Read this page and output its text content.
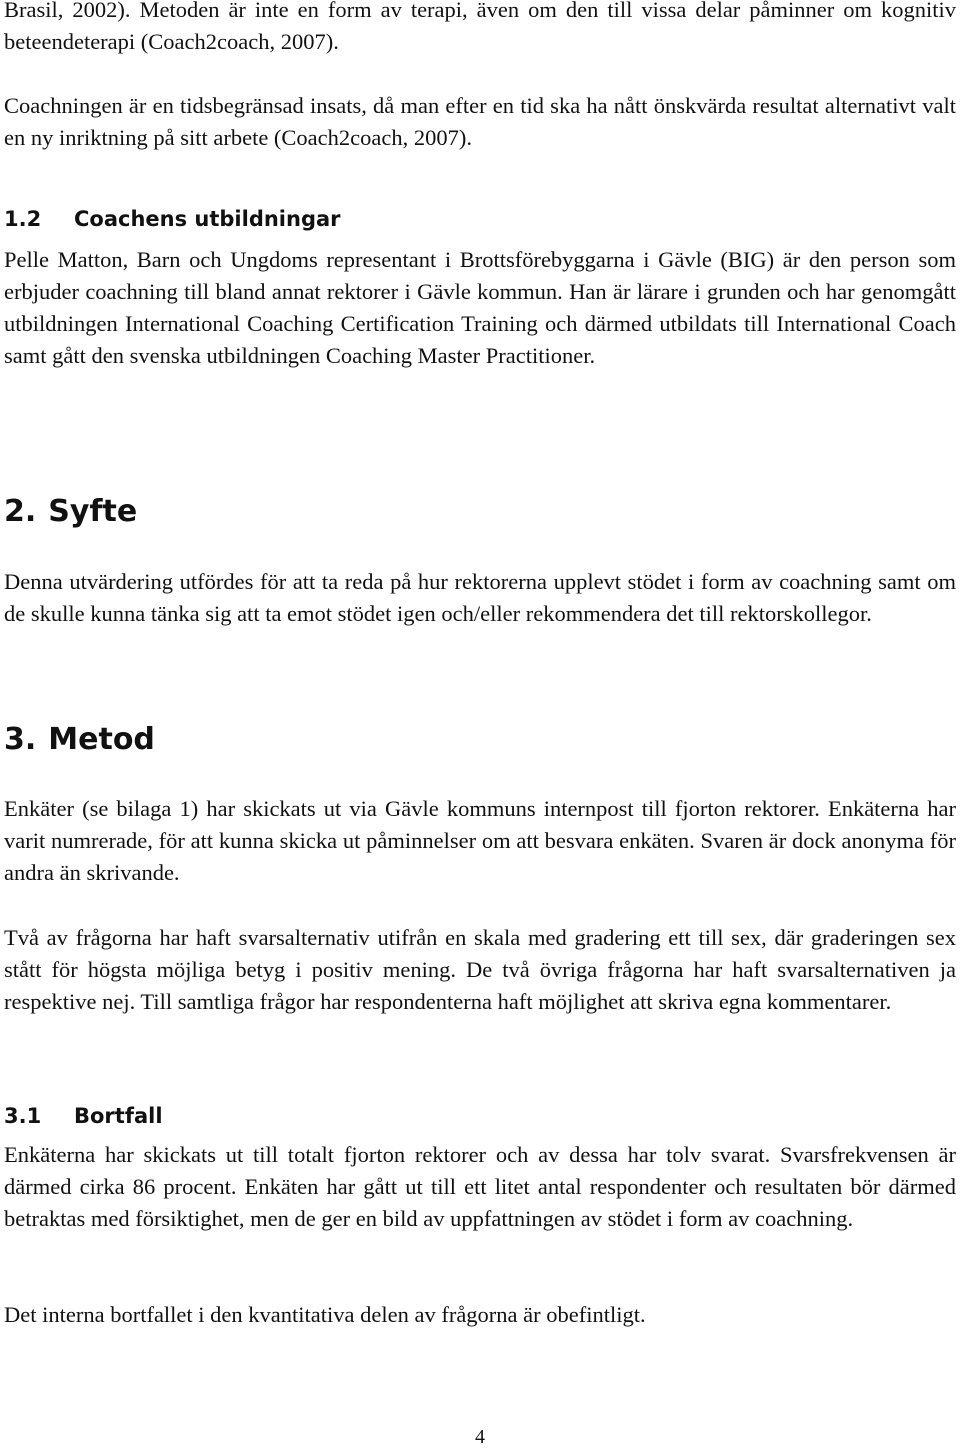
Brasil, 2002). Metoden är inte en form av terapi, även om den till vissa delar påminner om kognitiv beteendeterapi (Coach2coach, 2007).

Coachningen är en tidsbegränsad insats, då man efter en tid ska ha nått önskvärda resultat alternativt valt en ny inriktning på sitt arbete (Coach2coach, 2007).

1.2 Coachens utbildningar

Pelle Matton, Barn och Ungdoms representant i Brottsförebyggarna i Gävle (BIG) är den person som erbjuder coachning till bland annat rektorer i Gävle kommun. Han är lärare i grunden och har genomgått utbildningen International Coaching Certification Training och därmed utbildats till International Coach samt gått den svenska utbildningen Coaching Master Practitioner.

2. Syfte

Denna utvärdering utfördes för att ta reda på hur rektorerna upplevt stödet i form av coachning samt om de skulle kunna tänka sig att ta emot stödet igen och/eller rekommendera det till rektorskollegor.

3. Metod

Enkäter (se bilaga 1) har skickats ut via Gävle kommuns internpost till fjorton rektorer. Enkäterna har varit numrerade, för att kunna skicka ut påminnelser om att besvara enkäten. Svaren är dock anonyma för andra än skrivande.

Två av frågorna har haft svarsalternativ utifrån en skala med gradering ett till sex, där graderingen sex stått för högsta möjliga betyg i positiv mening. De två övriga frågorna har haft svarsalternativen ja respektive nej. Till samtliga frågor har respondenterna haft möjlighet att skriva egna kommentarer.

3.1 Bortfall

Enkäterna har skickats ut till totalt fjorton rektorer och av dessa har tolv svarat. Svarsfrekvensen är därmed cirka 86 procent. Enkäten har gått ut till ett litet antal respondenter och resultaten bör därmed betraktas med försiktighet, men de ger en bild av uppfattningen av stödet i form av coachning.

Det interna bortfallet i den kvantitativa delen av frågorna är obefintligt.

4
